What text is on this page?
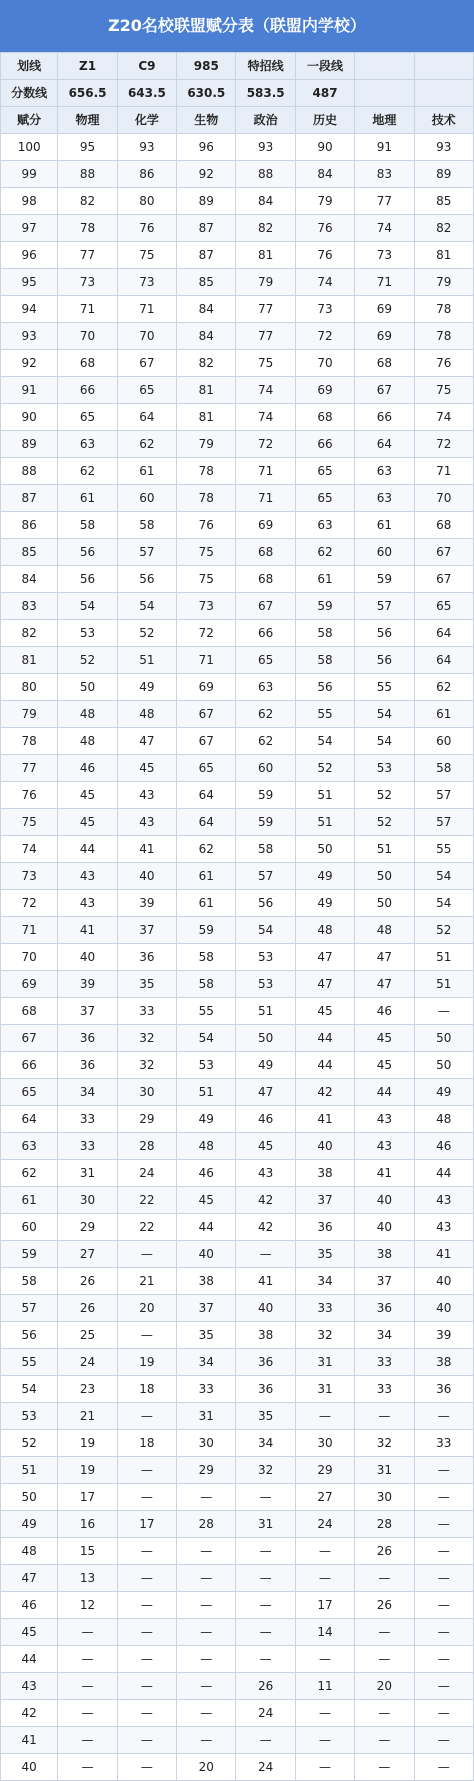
Z20名校联盟赋分表（联盟内学校）
划线	Z1	C9	985	特招线	一段线		
分数线	656.5	643.5	630.5	583.5	487		
赋分	物理	化学	生物	政治	历史	地理	技术
100	95	93	96	93	90	91	93
99	88	86	92	88	84	83	89
98	82	80	89	84	79	77	85
97	78	76	87	82	76	74	82
96	77	75	87	81	76	73	81
95	73	73	85	79	74	71	79
94	71	71	84	77	73	69	78
93	70	70	84	77	72	69	78
92	68	67	82	75	70	68	76
91	66	65	81	74	69	67	75
90	65	64	81	74	68	66	74
89	63	62	79	72	66	64	72
88	62	61	78	71	65	63	71
87	61	60	78	71	65	63	70
86	58	58	76	69	63	61	68
85	56	57	75	68	62	60	67
84	56	56	75	68	61	59	67
83	54	54	73	67	59	57	65
82	53	52	72	66	58	56	64
81	52	51	71	65	58	56	64
80	50	49	69	63	56	55	62
79	48	48	67	62	55	54	61
78	48	47	67	62	54	54	60
77	46	45	65	60	52	53	58
76	45	43	64	59	51	52	57
75	45	43	64	59	51	52	57
74	44	41	62	58	50	51	55
73	43	40	61	57	49	50	54
72	43	39	61	56	49	50	54
71	41	37	59	54	48	48	52
70	40	36	58	53	47	47	51
69	39	35	58	53	47	47	51
68	37	33	55	51	45	46	—
67	36	32	54	50	44	45	50
66	36	32	53	49	44	45	50
65	34	30	51	47	42	44	49
64	33	29	49	46	41	43	48
63	33	28	48	45	40	43	46
62	31	24	46	43	38	41	44
61	30	22	45	42	37	40	43
60	29	22	44	42	36	40	43
59	27	—	40	—	35	38	41
58	26	21	38	41	34	37	40
57	26	20	37	40	33	36	40
56	25	—	35	38	32	34	39
55	24	19	34	36	31	33	38
54	23	18	33	36	31	33	36
53	21	—	31	35	—	—	—
52	19	18	30	34	30	32	33
51	19	—	29	32	29	31	—
50	17	—	—	—	27	30	—
49	16	17	28	31	24	28	—
48	15	—	—	—	—	26	—
47	13	—	—	—	—	—	—
46	12	—	—	—	17	26	—
45	—	—	—	—	14	—	—
44	—	—	—	—	—	—	—
43	—	—	—	26	11	20	—
42	—	—	—	24	—	—	—
41	—	—	—	—	—	—	—
40	—	—	20	24	—	—	—
